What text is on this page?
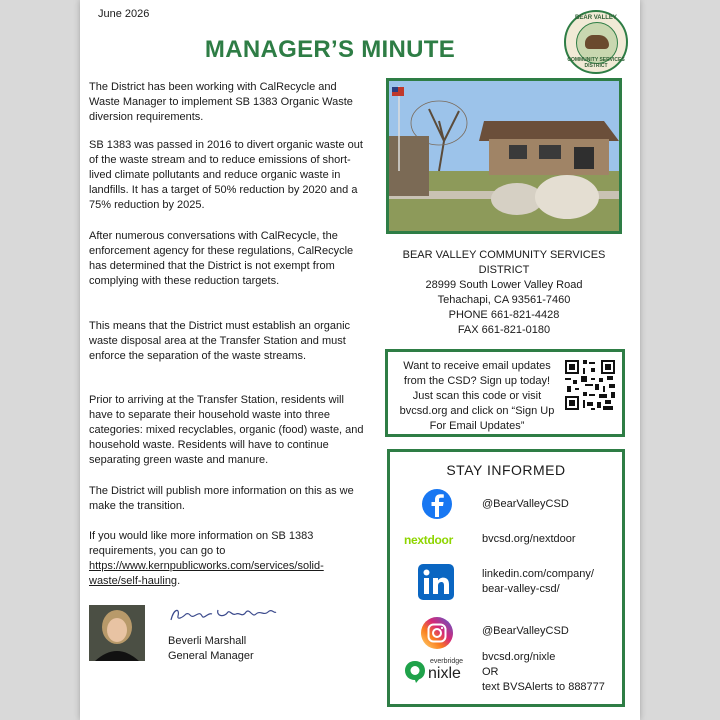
June 2026
MANAGER’S MINUTE
BEAR VALLEY
COMMUNITY SERVICES DISTRICT

The District has been working with CalRecycle and Waste Manager to implement SB 1383 Organic Waste diversion requirements.

SB 1383 was passed in 2016 to divert organic waste out of the waste stream and to reduce emissions of short-lived climate pollutants and reduce organic waste in landfills. It has a target of 50% reduction by 2020 and a 75% reduction by 2025.

After numerous conversations with CalRecycle, the enforcement agency for these regulations, CalRecycle has determined that the District is not exempt from complying with these reduction targets.

This means that the District must establish an organic waste disposal area at the Transfer Station and must enforce the separation of the waste streams.

Prior to arriving at the Transfer Station, residents will have to separate their household waste into three categories: mixed recyclables, organic (food) waste, and household waste. Residents will have to continue separating green waste and manure.

The District will publish more information on this as we make the transition.

If you would like more information on SB 1383 requirements, you can go to https://www.kernpublicworks.com/services/solid-waste/self-hauling.

Beverli Marshall
General Manager
BEAR VALLEY COMMUNITY SERVICES
DISTRICT
28999 South Lower Valley Road
Tehachapi, CA 93561-7460
PHONE 661-821-4428
FAX 661-821-0180
Want to receive email updates from the CSD? Sign up today! Just scan this code or visit bvcsd.org and click on “Sign Up For Email Updates”
STAY INFORMED
@BearValleyCSD
nextdoor	bvcsd.org/nextdoor
linkedin.com/company/
bear-valley-csd/
@BearValleyCSD
everbridge
nixle
bvcsd.org/nixle
OR
text BVSAlerts to 888777
